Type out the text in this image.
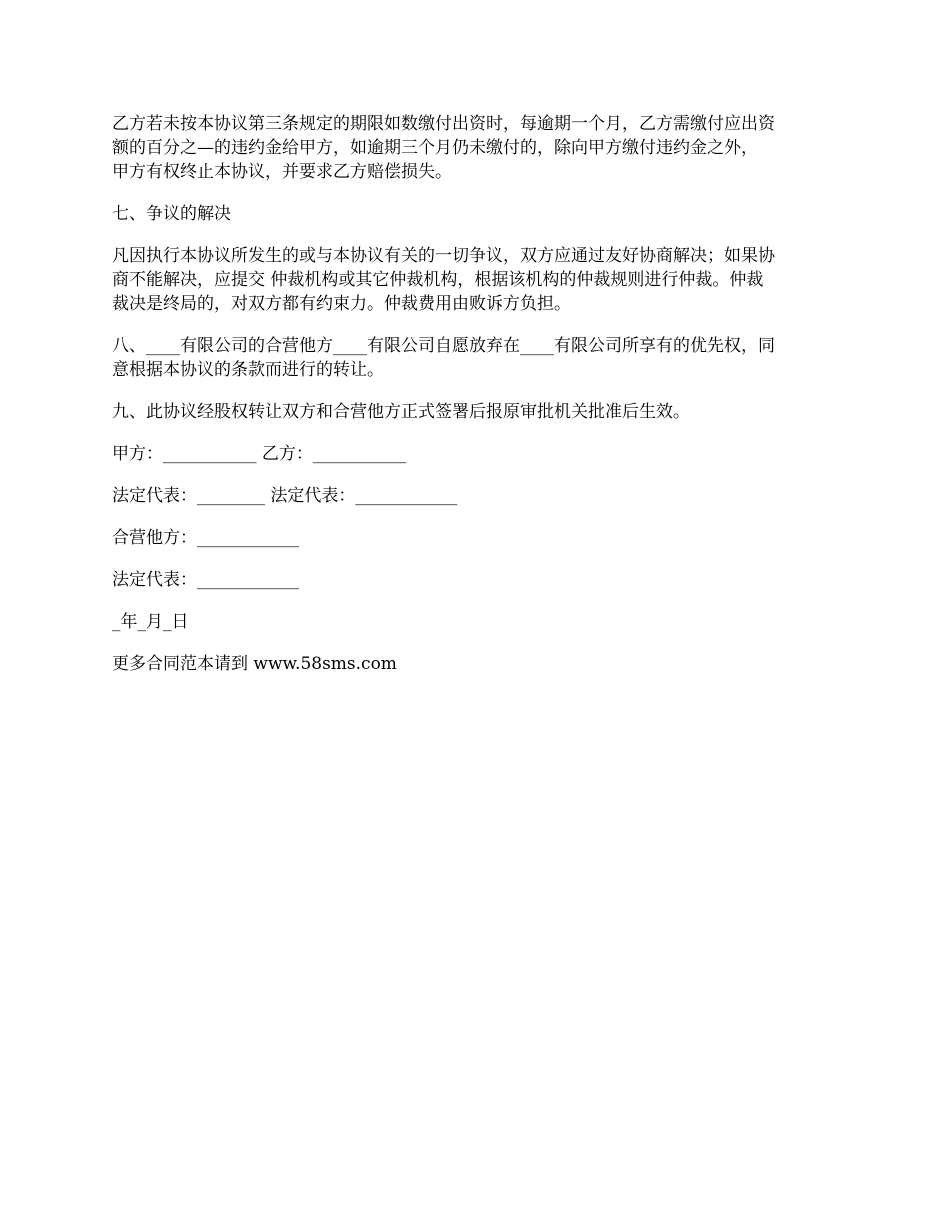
乙方若未按本协议第三条规定的期限如数缴付出资时，每逾期一个月，乙方需缴付应出资
额的百分之—的违约金给甲方，如逾期三个月仍未缴付的，除向甲方缴付违约金之外，
甲方有权终止本协议，并要求乙方赔偿损失。

七、争议的解决

凡因执行本协议所发生的或与本协议有关的一切争议，双方应通过友好协商解决；如果协
商不能解决，应提交 仲裁机构或其它仲裁机构，根据该机构的仲裁规则进行仲裁。仲裁
裁决是终局的，对双方都有约束力。仲裁费用由败诉方负担。

八、____有限公司的合营他方____有限公司自愿放弃在____有限公司所享有的优先权，同
意根据本协议的条款而进行的转让。

九、此协议经股权转让双方和合营他方正式签署后报原审批机关批准后生效。

甲方：___________ 乙方：___________

法定代表：________ 法定代表：____________

合营他方：____________

法定代表：____________

_年_月_日

更多合同范本请到 www.58sms.com
